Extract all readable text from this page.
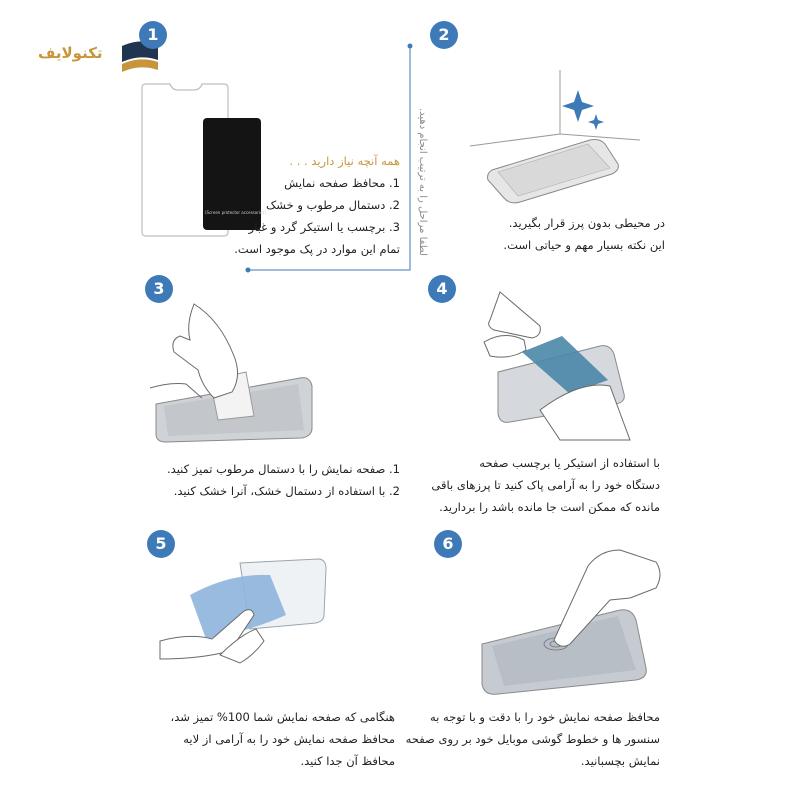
تکنولایف
1	2
3	4
5	6
لطفا مراحل را به ترتیب انجام دهید.
(Screen protector accessories)
همه آنچه نیاز دارید . . .
1. محافظ صفحه نمایش
2. دستمال مرطوب و خشک
3. برچسب یا استیکر گرد و غبار
تمام این موارد در پک موجود است.
در محیطی بدون پرز قرار بگیرید.
این نکته بسیار مهم و حیاتی است.
1. صفحه نمایش را با دستمال مرطوب تمیز کنید.
2. با استفاده از دستمال خشک، آنرا خشک کنید.
با استفاده از استیکر یا برچسب صفحه
دستگاه خود را به آرامی پاک کنید تا پرزهای باقی
مانده که ممکن است جا مانده باشد را بردارید.
هنگامی که صفحه نمایش شما 100% تمیز شد،
محافظ صفحه نمایش خود را به آرامی از لایه
محافظ آن جدا کنید.
محافظ صفحه نمایش خود را با دقت و با توجه به
سنسور ها و خطوط گوشی موبایل خود بر روی صفحه
نمایش بچسبانید.
